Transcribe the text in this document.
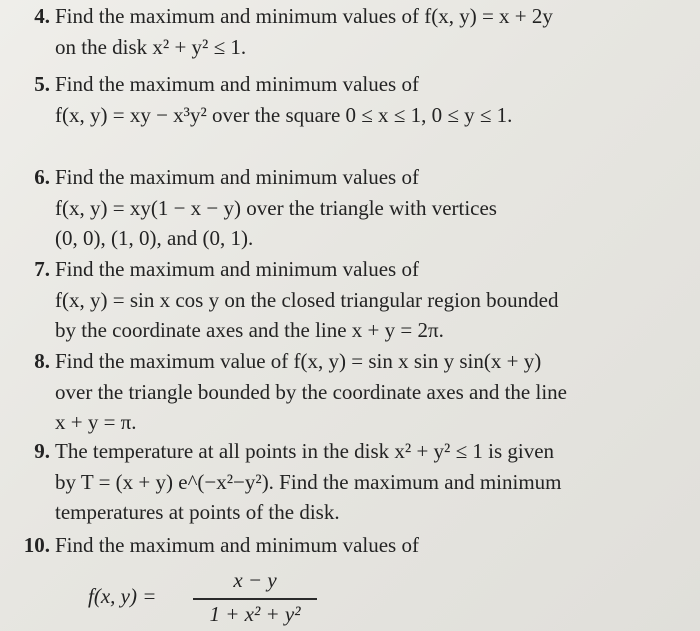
4. Find the maximum and minimum values of f(x, y) = x + 2y
on the disk x² + y² ≤ 1.
5. Find the maximum and minimum values of
f(x, y) = xy − x³y² over the square 0 ≤ x ≤ 1, 0 ≤ y ≤ 1.
6. Find the maximum and minimum values of
f(x, y) = xy(1 − x − y) over the triangle with vertices
(0, 0), (1, 0), and (0, 1).
7. Find the maximum and minimum values of
f(x, y) = sin x cos y on the closed triangular region bounded
by the coordinate axes and the line x + y = 2π.
8. Find the maximum value of f(x, y) = sin x sin y sin(x + y)
over the triangle bounded by the coordinate axes and the line
x + y = π.
9. The temperature at all points in the disk x² + y² ≤ 1 is given
by T = (x + y) e^(−x²−y²). Find the maximum and minimum
temperatures at points of the disk.
10. Find the maximum and minimum values of
f(x, y) =
x − y
1 + x² + y²
